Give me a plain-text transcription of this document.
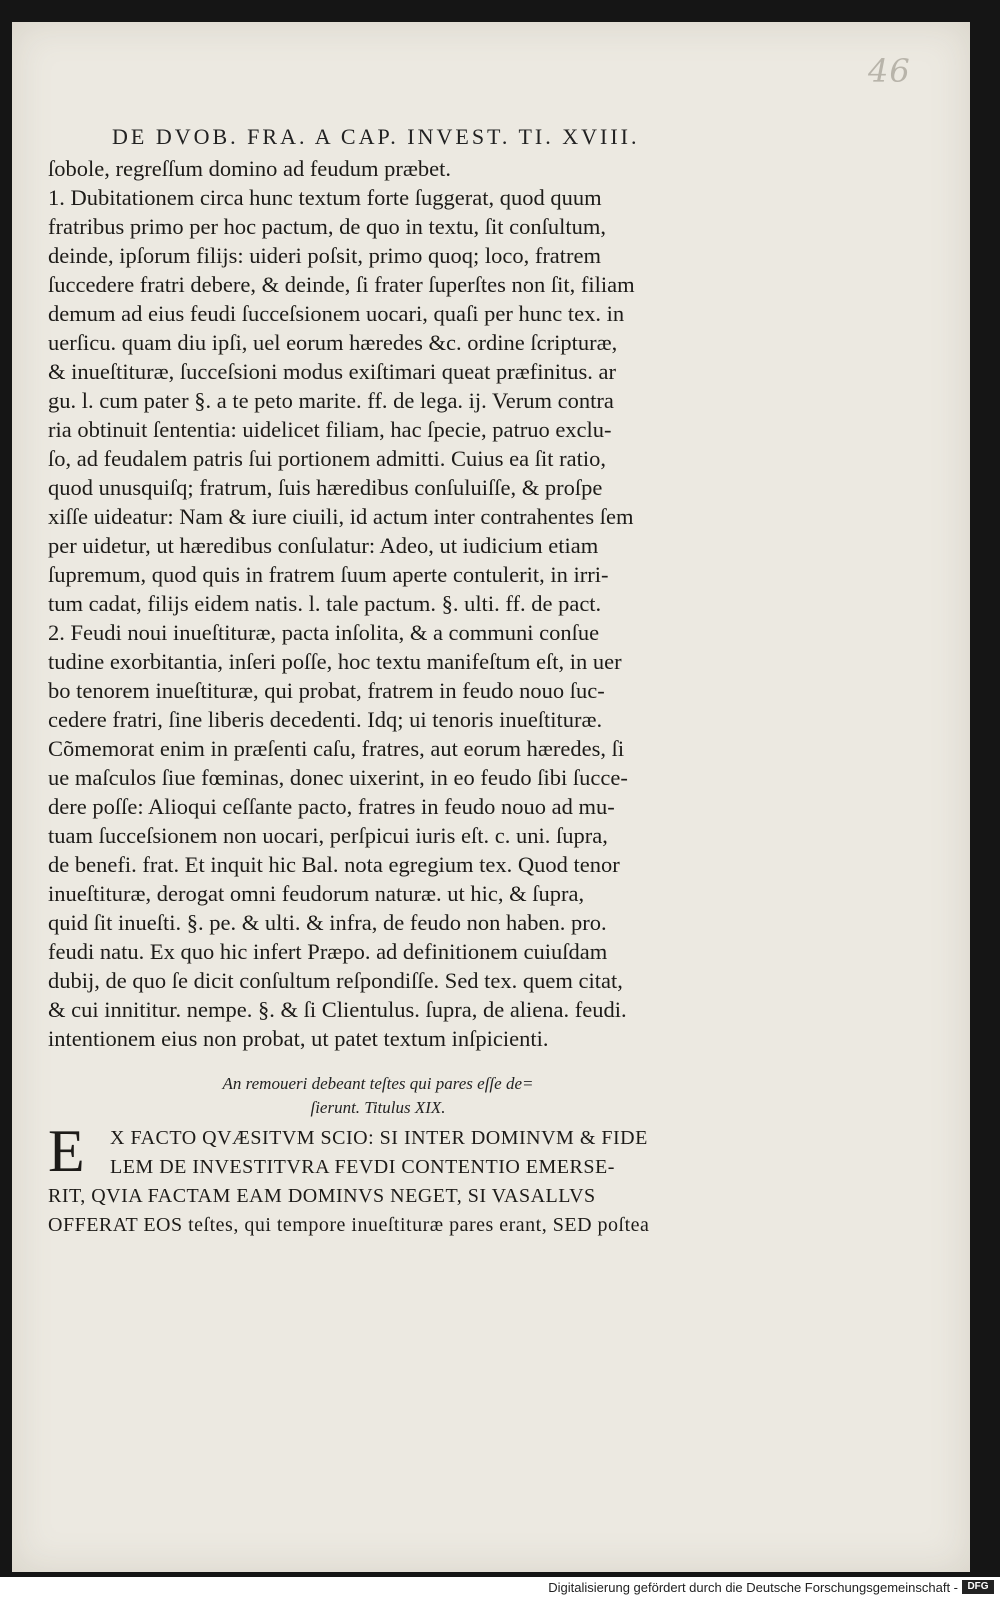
46
DE DVOB. FRA. A CAP. INVEST. TI. XVIII.
ſobole, regreſſum domino ad feudum præbet.
1. Dubitationem circa hunc textum forte ſuggerat, quod quum
fratribus primo per hoc pactum, de quo in textu, ſit conſultum,
deinde, ipſorum filijs: uideri poſsit, primo quoq; loco, fratrem
ſuccedere fratri debere, & deinde, ſi frater ſuperſtes non ſit, filiam
demum ad eius feudi ſucceſsionem uocari, quaſi per hunc tex. in
uerſicu. quam diu ipſi, uel eorum hæredes &c. ordine ſcripturæ,
& inueſtituræ, ſucceſsioni modus exiſtimari queat præfinitus. ar
gu. l. cum pater §. a te peto marite. ff. de lega. ij. Verum contra
ria obtinuit ſententia: uidelicet filiam, hac ſpecie, patruo exclu-
ſo, ad feudalem patris ſui portionem admitti. Cuius ea ſit ratio,
quod unusquiſq; fratrum, ſuis hæredibus conſuluiſſe, & proſpe
xiſſe uideatur: Nam & iure ciuili, id actum inter contrahentes ſem
per uidetur, ut hæredibus conſulatur: Adeo, ut iudicium etiam
ſupremum, quod quis in fratrem ſuum aperte contulerit, in irri-
tum cadat, filijs eidem natis. l. tale pactum. §. ulti. ff. de pact.
2. Feudi noui inueſtituræ, pacta inſolita, & a communi conſue
tudine exorbitantia, inſeri poſſe, hoc textu manifeſtum eſt, in uer
bo tenorem inueſtituræ, qui probat, fratrem in feudo nouo ſuc-
cedere fratri, ſine liberis decedenti. Idq; ui tenoris inueſtituræ.
Cõmemorat enim in præſenti caſu, fratres, aut eorum hæredes, ſi
ue maſculos ſiue fœminas, donec uixerint, in eo feudo ſibi ſucce-
dere poſſe: Alioqui ceſſante pacto, fratres in feudo nouo ad mu-
tuam ſucceſsionem non uocari, perſpicui iuris eſt. c. uni. ſupra,
de benefi. frat. Et inquit hic Bal. nota egregium tex. Quod tenor
inueſtituræ, derogat omni feudorum naturæ. ut hic, & ſupra,
quid ſit inueſti. §. pe. & ulti. & infra, de feudo non haben. pro.
feudi natu. Ex quo hic infert Præpo. ad definitionem cuiuſdam
dubij, de quo ſe dicit conſultum reſpondiſſe. Sed tex. quem citat,
& cui innititur. nempe. §. & ſi Clientulus. ſupra, de aliena. feudi.
intentionem eius non probat, ut patet textum inſpicienti.
An remoueri debeant teſtes qui pares eſſe de=
ſierunt. Titulus XIX.
E	X FACTO QVÆSITVM SCIO: SI INTER DOMINVM & FIDE
LEM DE INVESTITVRA FEVDI CONTENTIO EMERSE-
RIT, QVIA FACTAM EAM DOMINVS NEGET, SI VASALLVS
OFFERAT EOS teſtes, qui tempore inueſtituræ pares erant, SED poſtea
Digitalisierung gefördert durch die Deutsche Forschungsgemeinschaft - DFG
